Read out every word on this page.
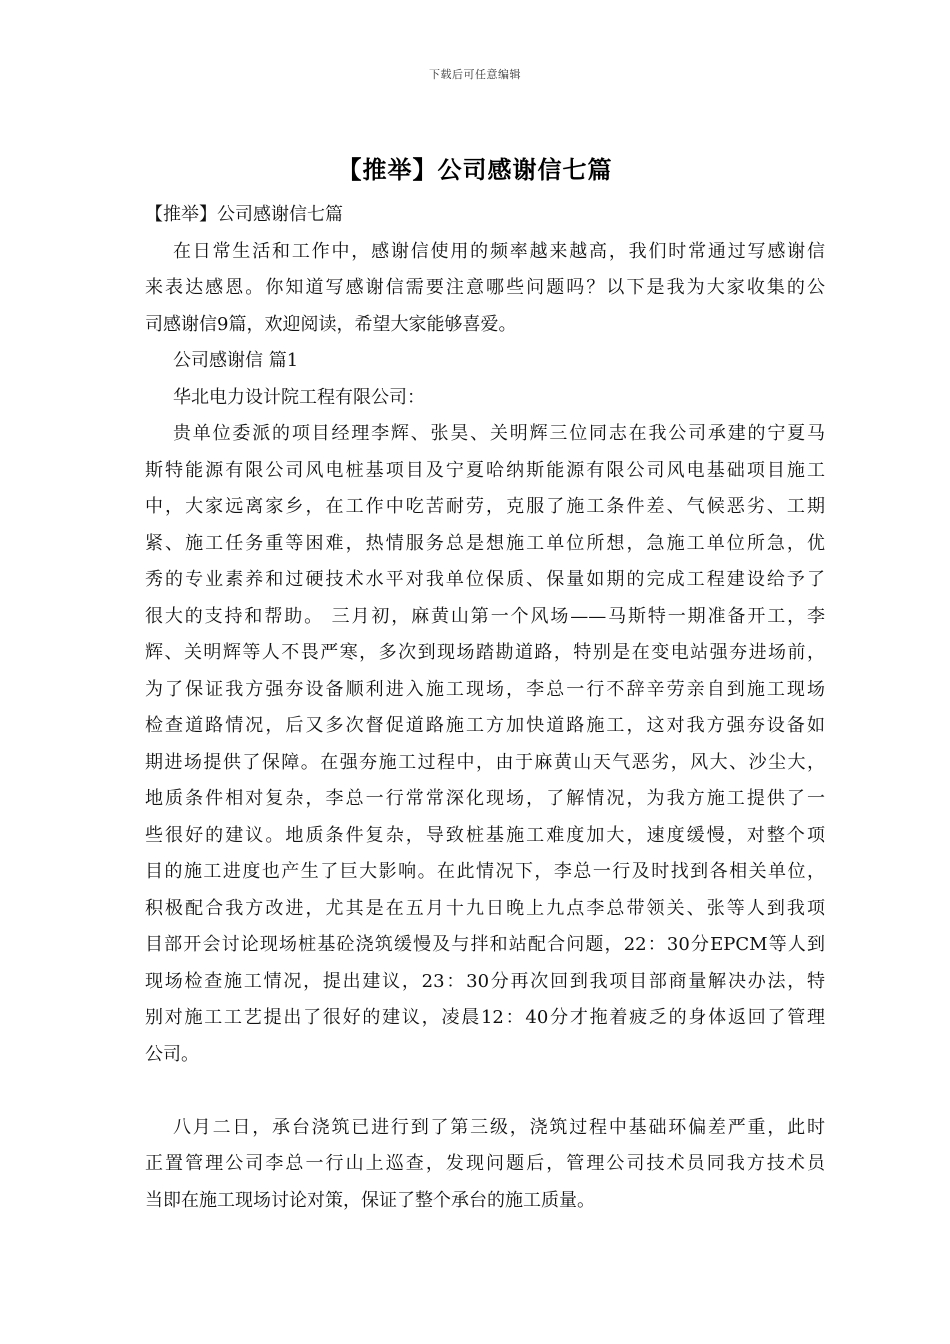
下载后可任意编辑
【推举】公司感谢信七篇
【推举】公司感谢信七篇
在日常生活和工作中，感谢信使用的频率越来越高，我们时常通过写感谢信
来表达感恩。你知道写感谢信需要注意哪些问题吗？以下是我为大家收集的公
司感谢信9篇，欢迎阅读，希望大家能够喜爱。
公司感谢信 篇1
华北电力设计院工程有限公司：
贵单位委派的项目经理李辉、张昊、关明辉三位同志在我公司承建的宁夏马
斯特能源有限公司风电桩基项目及宁夏哈纳斯能源有限公司风电基础项目施工
中，大家远离家乡，在工作中吃苦耐劳，克服了施工条件差、气候恶劣、工期
紧、施工任务重等困难，热情服务总是想施工单位所想，急施工单位所急，优
秀的专业素养和过硬技术水平对我单位保质、保量如期的完成工程建设给予了
很大的支持和帮助。 三月初，麻黄山第一个风场——马斯特一期准备开工，李
辉、关明辉等人不畏严寒，多次到现场踏勘道路，特别是在变电站强夯进场前，
为了保证我方强夯设备顺利进入施工现场，李总一行不辞辛劳亲自到施工现场
检查道路情况，后又多次督促道路施工方加快道路施工，这对我方强夯设备如
期进场提供了保障。在强夯施工过程中，由于麻黄山天气恶劣，风大、沙尘大，
地质条件相对复杂，李总一行常常深化现场，了解情况，为我方施工提供了一
些很好的建议。地质条件复杂，导致桩基施工难度加大，速度缓慢，对整个项
目的施工进度也产生了巨大影响。在此情况下，李总一行及时找到各相关单位，
积极配合我方改进，尤其是在五月十九日晚上九点李总带领关、张等人到我项
目部开会讨论现场桩基砼浇筑缓慢及与拌和站配合问题，22：30分EPCM等人到
现场检查施工情况，提出建议，23：30分再次回到我项目部商量解决办法，特
别对施工工艺提出了很好的建议，凌晨12：40分才拖着疲乏的身体返回了管理
公司。
八月二日，承台浇筑已进行到了第三级，浇筑过程中基础环偏差严重，此时
正置管理公司李总一行山上巡查，发现问题后，管理公司技术员同我方技术员
当即在施工现场讨论对策，保证了整个承台的施工质量。
